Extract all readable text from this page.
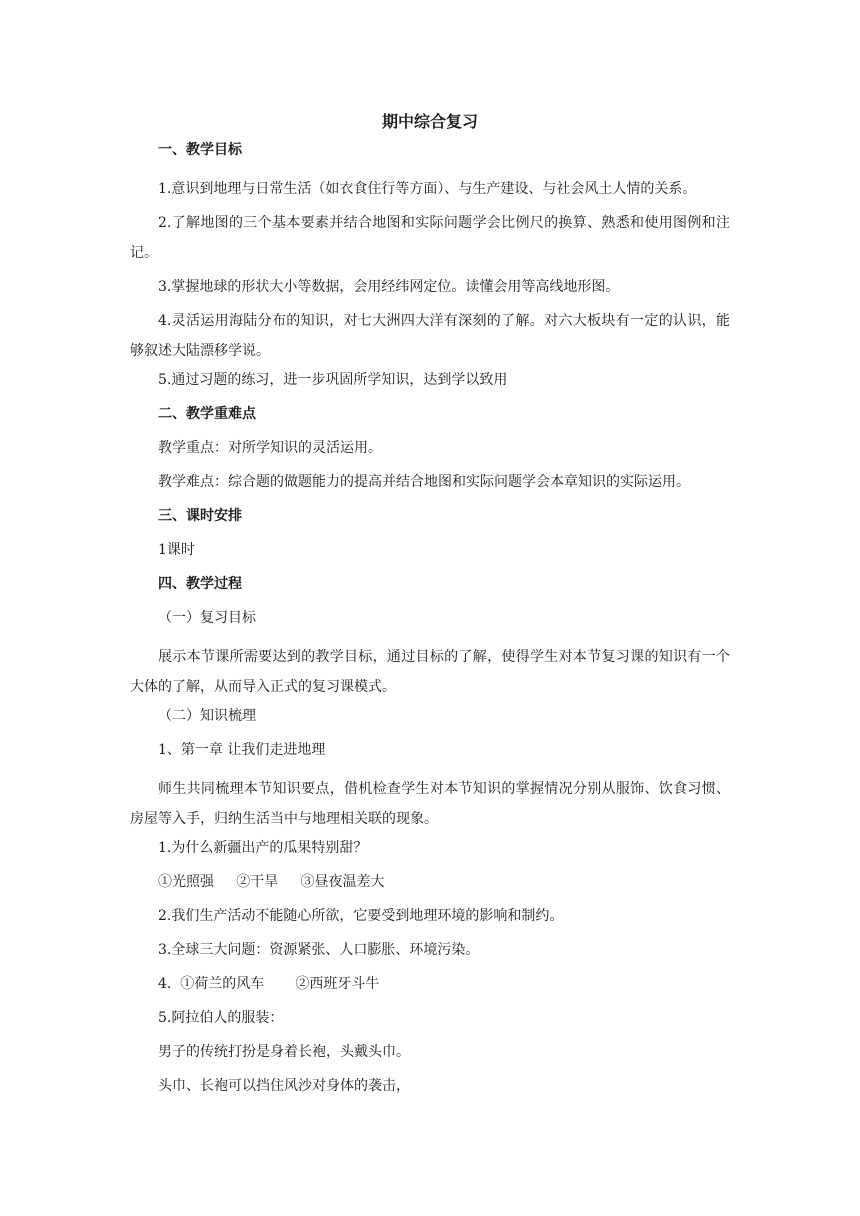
期中综合复习
一、教学目标
1.意识到地理与日常生活（如衣食住行等方面）、与生产建设、与社会风土人情的关系。
2.了解地图的三个基本要素并结合地图和实际问题学会比例尺的换算、熟悉和使用图例和注记。
3.掌握地球的形状大小等数据，会用经纬网定位。读懂会用等高线地形图。
4.灵活运用海陆分布的知识，对七大洲四大洋有深刻的了解。对六大板块有一定的认识，能够叙述大陆漂移学说。
5.通过习题的练习，进一步巩固所学知识，达到学以致用
二、教学重难点
教学重点：对所学知识的灵活运用。
教学难点：综合题的做题能力的提高并结合地图和实际问题学会本章知识的实际运用。
三、课时安排
1课时
四、教学过程
（一）复习目标
展示本节课所需要达到的教学目标，通过目标的了解，使得学生对本节复习课的知识有一个大体的了解，从而导入正式的复习课模式。
（二）知识梳理
1、第一章 让我们走进地理
师生共同梳理本节知识要点，借机检查学生对本节知识的掌握情况分别从服饰、饮食习惯、房屋等入手，归纳生活当中与地理相关联的现象。
1.为什么新疆出产的瓜果特别甜？
①光照强     ②干旱     ③昼夜温差大
2.我们生产活动不能随心所欲，它要受到地理环境的影响和制约。
3.全球三大问题：资源紧张、人口膨胀、环境污染。
4.  ①荷兰的风车       ②西班牙斗牛
5.阿拉伯人的服装：
男子的传统打扮是身着长袍，头戴头巾。
头巾、长袍可以挡住风沙对身体的袭击，
